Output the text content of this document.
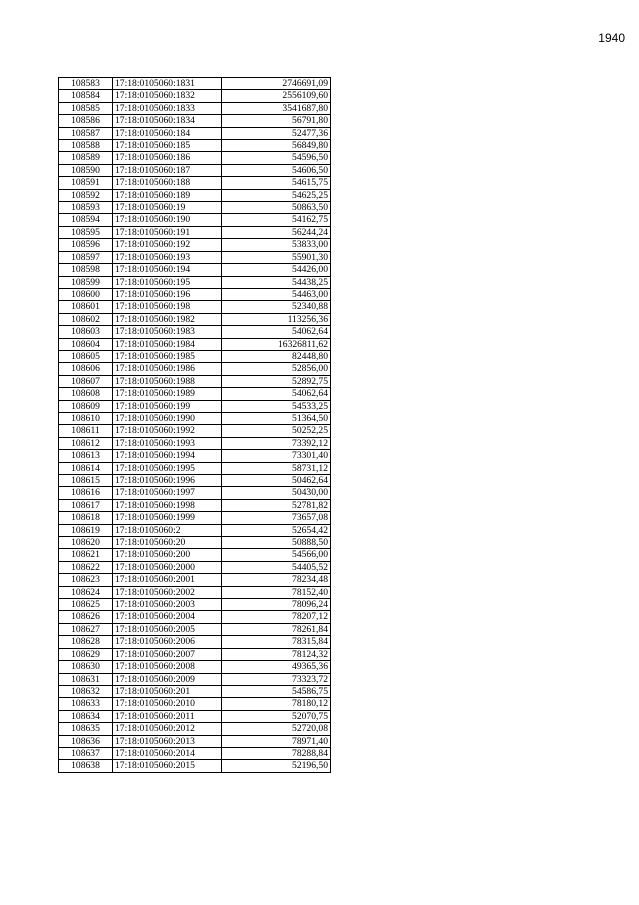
1940
108583	17:18:0105060:1831	2746691,09
108584	17:18:0105060:1832	2556109,60
108585	17:18:0105060:1833	3541687,80
108586	17:18:0105060:1834	56791,80
108587	17:18:0105060:184	52477,36
108588	17:18:0105060:185	56849,80
108589	17:18:0105060:186	54596,50
108590	17:18:0105060:187	54606,50
108591	17:18:0105060:188	54615,75
108592	17:18:0105060:189	54625,25
108593	17:18:0105060:19	50863,50
108594	17:18:0105060:190	54162,75
108595	17:18:0105060:191	56244,24
108596	17:18:0105060:192	53833,00
108597	17:18:0105060:193	55901,30
108598	17:18:0105060:194	54426,00
108599	17:18:0105060:195	54438,25
108600	17:18:0105060:196	54463,00
108601	17:18:0105060:198	52340,88
108602	17:18:0105060:1982	113256,36
108603	17:18:0105060:1983	54062,64
108604	17:18:0105060:1984	16326811,62
108605	17:18:0105060:1985	82448,80
108606	17:18:0105060:1986	52856,00
108607	17:18:0105060:1988	52892,75
108608	17:18:0105060:1989	54062,64
108609	17:18:0105060:199	54533,25
108610	17:18:0105060:1990	51364,50
108611	17:18:0105060:1992	50252,25
108612	17:18:0105060:1993	73392,12
108613	17:18:0105060:1994	73301,40
108614	17:18:0105060:1995	58731,12
108615	17:18:0105060:1996	50462,64
108616	17:18:0105060:1997	50430,00
108617	17:18:0105060:1998	52781,82
108618	17:18:0105060:1999	73657,08
108619	17:18:0105060:2	52654,42
108620	17:18:0105060:20	50888,50
108621	17:18:0105060:200	54566,00
108622	17:18:0105060:2000	54405,52
108623	17:18:0105060:2001	78234,48
108624	17:18:0105060:2002	78152,40
108625	17:18:0105060:2003	78096,24
108626	17:18:0105060:2004	78207,12
108627	17:18:0105060:2005	78261,84
108628	17:18:0105060:2006	78315,84
108629	17:18:0105060:2007	78124,32
108630	17:18:0105060:2008	49365,36
108631	17:18:0105060:2009	73323,72
108632	17:18:0105060:201	54586,75
108633	17:18:0105060:2010	78180,12
108634	17:18:0105060:2011	52070,75
108635	17:18:0105060:2012	52720,08
108636	17:18:0105060:2013	78971,40
108637	17:18:0105060:2014	78288,84
108638	17:18:0105060:2015	52196,50
